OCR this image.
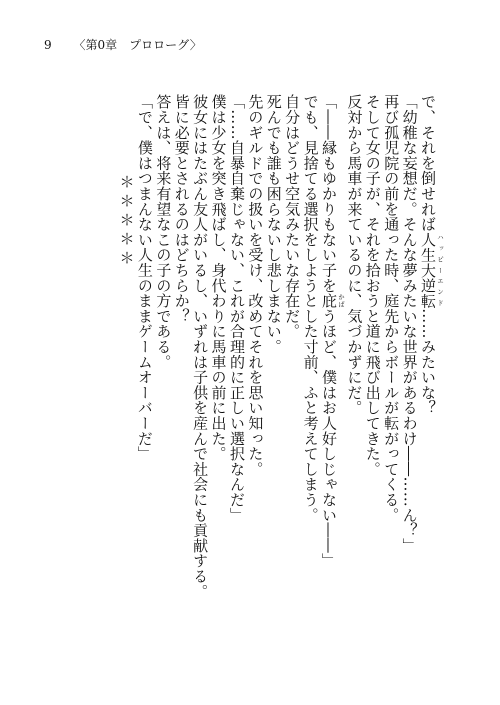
9 〈第0章　プロローグ〉

で、それを倒せれば人生大逆転 ハッピーエンド……みたいな？

「幼稚な妄想だ。そんな夢みたいな世界があるわけ――……ん？」

再び孤児院の前を通った時、庭先からボールが転がってくる。

そして女の子が、それを拾おうと道に飛び出してきた。

反対から馬車が来ているのに、気づかずにだ。

「――縁もゆかりもない子を庇 かばうほど、僕はお人好しじゃない――」

でも、見捨てる選択をしようとした寸前、ふと考えてしまう。

自分はどうせ空気みたいな存在だ。

死んでも誰も困らないし悲しまない。

先のギルドでの扱いを受け、改めてそれを思い知った。

「……自暴自棄じゃない、これが合理的に正しい選択なんだ」

僕は少女を突き飛ばし、身代わりに馬車の前に出た。

彼女にはたぶん友人がいるし、いずれは子供を産んで社会にも貢献する。

皆に必要とされるのはどちらか？

答えは、将来有望なこの子の方である。

「で、僕はつまんない人生のままゲームオーバーだ」

＊＊＊＊＊
